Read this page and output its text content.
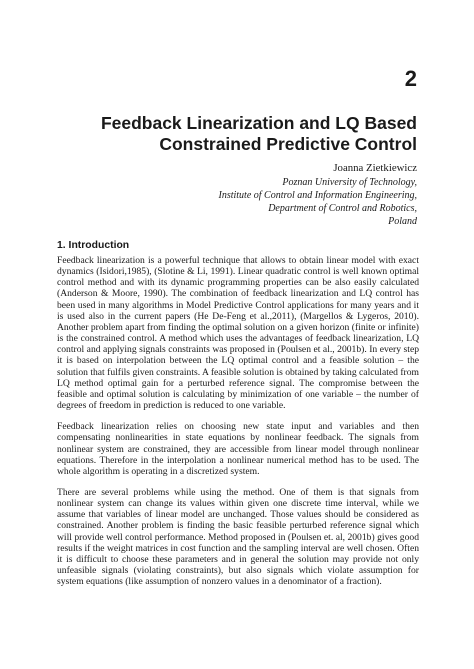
2
Feedback Linearization and LQ Based
Constrained Predictive Control

Joanna Zietkiewicz

Poznan University of Technology,

Institute of Control and Information Engineering,

Department of Control and Robotics,

Poland

1. Introduction

Feedback linearization is a powerful technique that allows to obtain linear model with exact dynamics (Isidori,1985), (Slotine & Li, 1991). Linear quadratic control is well known optimal control method and with its dynamic programming properties can be also easily calculated (Anderson & Moore, 1990). The combination of feedback linearization and LQ control has been used in many algorithms in Model Predictive Control applications for many years and it is used also in the current papers (He De-Feng et al.,2011), (Margellos & Lygeros, 2010). Another problem apart from finding the optimal solution on a given horizon (finite or infinite) is the constrained control. A method which uses the advantages of feedback linearization, LQ control and applying signals constraints was proposed in (Poulsen et al., 2001b). In every step it is based on interpolation between the LQ optimal control and a feasible solution – the solution that fulfils given constraints. A feasible solution is obtained by taking calculated from LQ method optimal gain for a perturbed reference signal. The compromise between the feasible and optimal solution is calculating by minimization of one variable – the number of degrees of freedom in prediction is reduced to one variable.

Feedback linearization relies on choosing new state input and variables and then compensating nonlinearities in state equations by nonlinear feedback. The signals from nonlinear system are constrained, they are accessible from linear model through nonlinear equations. Therefore in the interpolation a nonlinear numerical method has to be used. The whole algorithm is operating in a discretized system.

There are several problems while using the method. One of them is that signals from nonlinear system can change its values within given one discrete time interval, while we assume that variables of linear model are unchanged. Those values should be considered as constrained. Another problem is finding the basic feasible perturbed reference signal which will provide well control performance. Method proposed in (Poulsen et. al, 2001b) gives good results if the weight matrices in cost function and the sampling interval are well chosen. Often it is difficult to choose these parameters and in general the solution may provide not only unfeasible signals (violating constraints), but also signals which violate assumption for system equations (like assumption of nonzero values in a denominator of a fraction).
